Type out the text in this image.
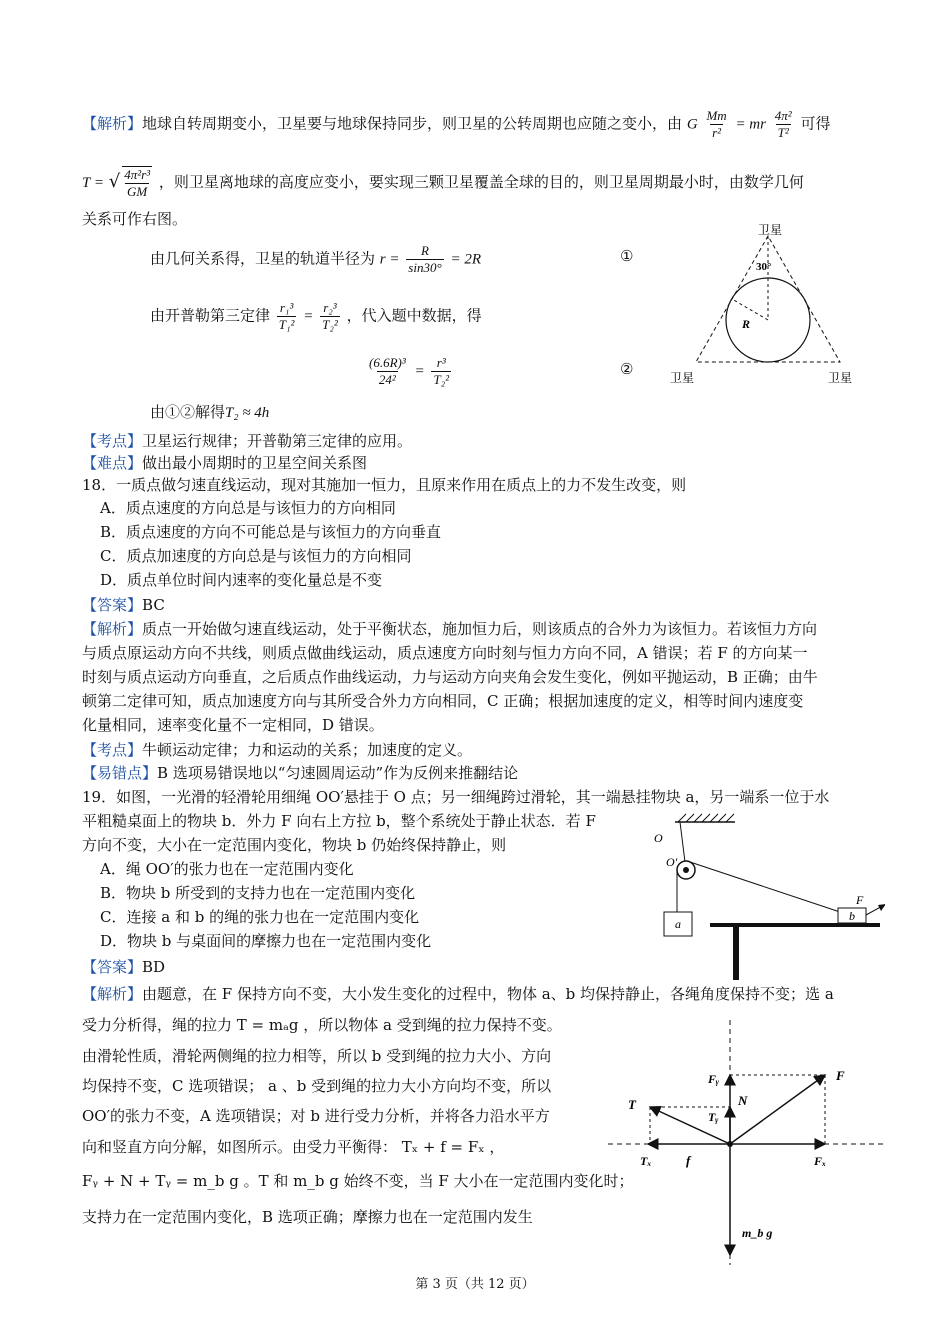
【解析】地球自转周期变小，卫星要与地球保持同步，则卫星的公转周期也应随之变小，由 G $\frac{Mm}{\text{r²}}$ = mr $\frac{\text{4π²}}{\text{T²}}$ 可得
T = √ $\frac{\text{4π²r³}}{GM}$ ，则卫星离地球的高度应变小，要实现三颗卫星覆盖全球的目的，则卫星周期最小时，由数学几何
关系可作右图。
由几何关系得，卫星的轨道半径为 $r = \frac{R}{\sin 30^\circ} = 2R$	①
由开普勒第三定律 $\frac{\text{r₁³}}{\text{T₁²}} = \frac{\text{r₂³}}{\text{T₂²}}$ ，代入题中数据，得
$\frac{\text{(6.6R)³}}{\text{24²}} = \frac{\text{r³}}{\text{T₂²}}$	②
由①②解得T₂ ≈ 4h
卫星
卫星	卫星
30°
R
【考点】卫星运行规律；开普勒第三定律的应用。
【难点】做出最小周期时的卫星空间关系图
18．一质点做匀速直线运动，现对其施加一恒力，且原来作用在质点上的力不发生改变，则
A．质点速度的方向总是与该恒力的方向相同
B．质点速度的方向不可能总是与该恒力的方向垂直
C．质点加速度的方向总是与该恒力的方向相同
D．质点单位时间内速率的变化量总是不变
【答案】BC
【解析】质点一开始做匀速直线运动，处于平衡状态，施加恒力后，则该质点的合外力为该恒力。若该恒力方向
与质点原运动方向不共线，则质点做曲线运动，质点速度方向时刻与恒力方向不同，A 错误；若 F 的方向某一
时刻与质点运动方向垂直，之后质点作曲线运动，力与运动方向夹角会发生变化，例如平抛运动，B 正确；由牛
顿第二定律可知，质点加速度方向与其所受合外力方向相同，C 正确；根据加速度的定义，相等时间内速度变
化量相同，速率变化量不一定相同，D 错误。
【考点】牛顿运动定律；力和运动的关系；加速度的定义。
【易错点】B 选项易错误地以“匀速圆周运动”作为反例来推翻结论
19．如图，一光滑的轻滑轮用细绳 OO′悬挂于 O 点；另一细绳跨过滑轮，其一端悬挂物块 a，另一端系一位于水
平粗糙桌面上的物块 b．外力 F 向右上方拉 b，整个系统处于静止状态．若 F
方向不变，大小在一定范围内变化，物块 b 仍始终保持静止，则
A．绳 OO′的张力也在一定范围内变化
B．物块 b 所受到的支持力也在一定范围内变化
C．连接 a 和 b 的绳的张力也在一定范围内变化
D．物块 b 与桌面间的摩擦力也在一定范围内变化
O
O′
a
b
F
【答案】BD
【解析】由题意，在 F 保持方向不变，大小发生变化的过程中，物体 a、b 均保持静止，各绳角度保持不变；选 a
受力分析得，绳的拉力 T = mₐg ，所以物体 a 受到绳的拉力保持不变。
由滑轮性质，滑轮两侧绳的拉力相等，所以 b 受到绳的拉力大小、方向
均保持不变，C 选项错误； a 、b 受到绳的拉力大小方向均不变，所以
OO′的张力不变，A 选项错误；对 b 进行受力分析，并将各力沿水平方
向和竖直方向分解，如图所示。由受力平衡得： Tₓ + f = Fₓ ，
Fᵧ + N + Tᵧ = m_b g 。T 和 m_b g 始终不变，当 F 大小在一定范围内变化时；
支持力在一定范围内变化，B 选项正确；摩擦力也在一定范围内发生
Fᵧ	F
T	N
Tᵧ
Tₓ	f	Fₓ
m_b g
第 3 页（共 12 页）
